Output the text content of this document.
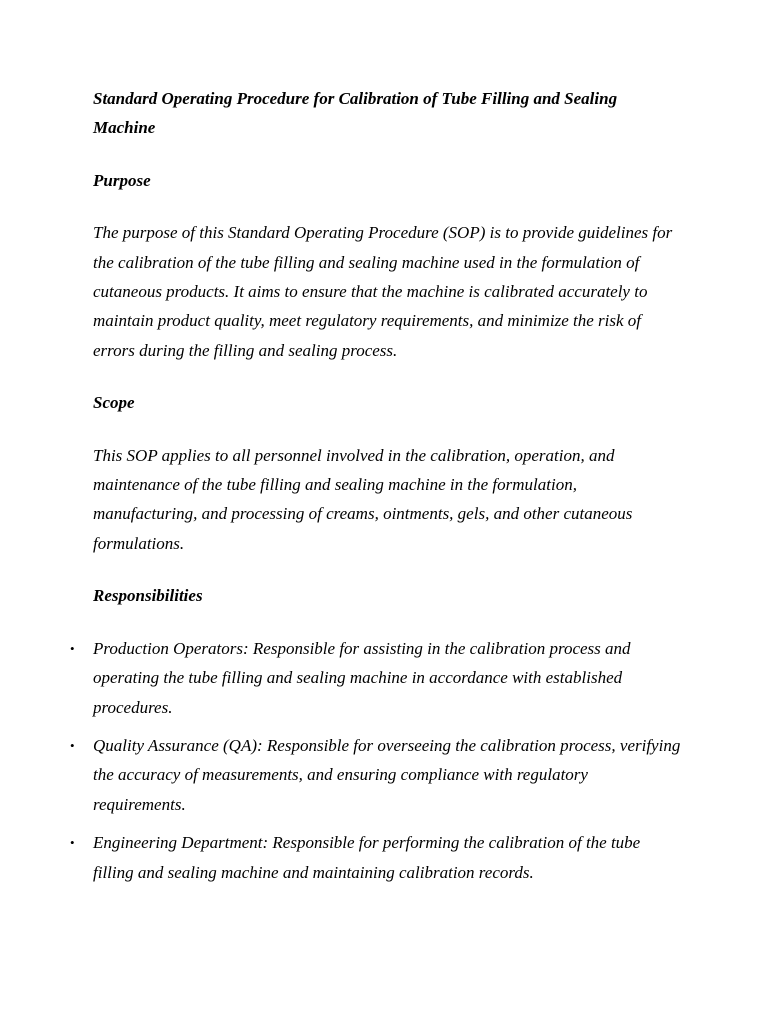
Standard Operating Procedure for Calibration of Tube Filling and Sealing Machine

Purpose

The purpose of this Standard Operating Procedure (SOP) is to provide guidelines for the calibration of the tube filling and sealing machine used in the formulation of cutaneous products. It aims to ensure that the machine is calibrated accurately to maintain product quality, meet regulatory requirements, and minimize the risk of errors during the filling and sealing process.

Scope

This SOP applies to all personnel involved in the calibration, operation, and maintenance of the tube filling and sealing machine in the formulation, manufacturing, and processing of creams, ointments, gels, and other cutaneous formulations.

Responsibilities

• Production Operators: Responsible for assisting in the calibration process and operating the tube filling and sealing machine in accordance with established procedures.
• Quality Assurance (QA): Responsible for overseeing the calibration process, verifying the accuracy of measurements, and ensuring compliance with regulatory requirements.
• Engineering Department: Responsible for performing the calibration of the tube filling and sealing machine and maintaining calibration records.
